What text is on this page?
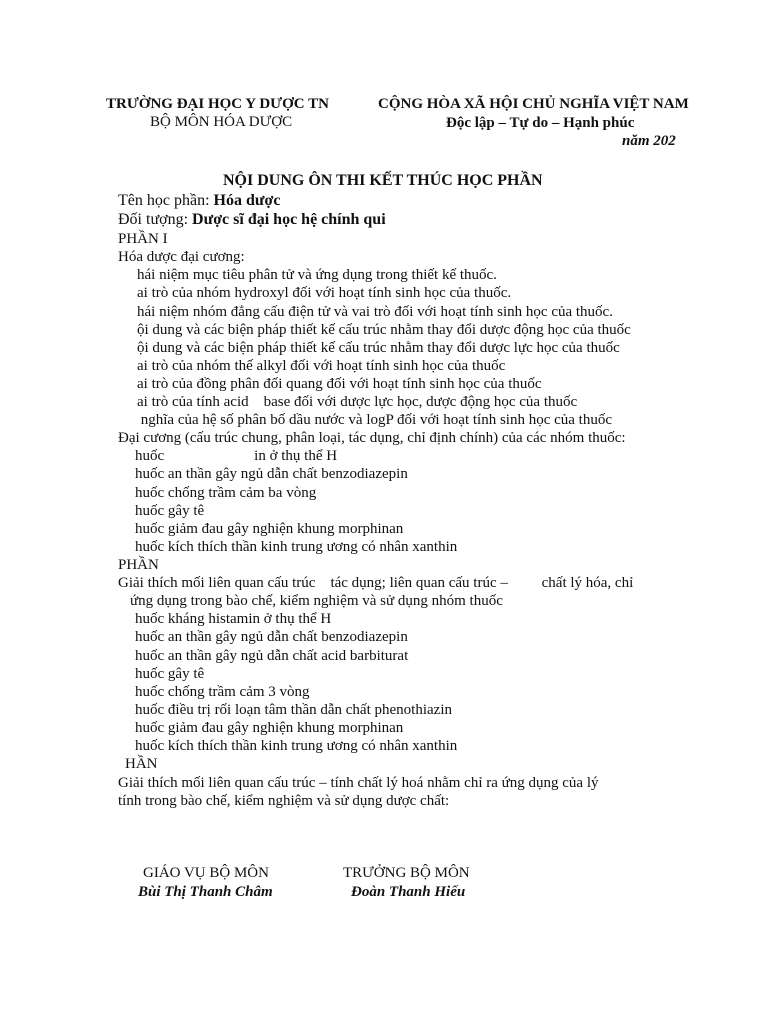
TRƯỜNG ĐẠI HỌC Y DƯỢC TN
BỘ MÔN HÓA DƯỢC
CỘNG HÒA XÃ HỘI CHỦ NGHĨA VIỆT NAM
Độc lập – Tự do – Hạnh phúc
năm 202
NỘI DUNG ÔN THI KẾT THÚC HỌC PHẦN
Tên học phần: Hóa dược
Đối tượng: Dược sĩ đại học hệ chính qui
PHẦN I
Hóa dược đại cương:
hái niệm mục tiêu phân tử và ứng dụng trong thiết kế thuốc.
ai trò của nhóm hydroxyl đối với hoạt tính sinh học của thuốc.
hái niệm nhóm đẳng cấu điện tử và vai trò đối với hoạt tính sinh học của thuốc.
ội dung và các biện pháp thiết kế cấu trúc nhằm thay đổi dược động học của thuốc
ội dung và các biện pháp thiết kế cấu trúc nhằm thay đổi dược lực học của thuốc
ai trò của nhóm thế alkyl đối với hoạt tính sinh học của thuốc
ai trò của đồng phân đối quang đối với hoạt tính sinh học của thuốc
ai trò của tính acid    base đối với dược lực học, dược động học của thuốc
nghĩa của hệ số phân bố dầu nước và logP đối với hoạt tính sinh học của thuốc
Đại cương (cấu trúc chung, phân loại, tác dụng, chỉ định chính) của các nhóm thuốc:
huốc                        in ở thụ thể H
huốc an thần gây ngủ dẫn chất benzodiazepin
huốc chống trầm cảm ba vòng
huốc gây tê
huốc giảm đau gây nghiện khung morphinan
huốc kích thích thần kinh trung ương có nhân xanthin
PHẦN
Giải thích mối liên quan cấu trúc    tác dụng; liên quan cấu trúc –         chất lý hóa, chỉ
ứng dụng trong bào chế, kiểm nghiệm và sử dụng nhóm thuốc
huốc kháng histamin ở thụ thể H
huốc an thần gây ngủ dẫn chất benzodiazepin
huốc an thần gây ngủ dẫn chất acid barbiturat
huốc gây tê
huốc chống trầm cảm 3 vòng
huốc điều trị rối loạn tâm thần dẫn chất phenothiazin
huốc giảm đau gây nghiện khung morphinan
huốc kích thích thần kinh trung ương có nhân xanthin
HẦN
Giải thích mối liên quan cấu trúc – tính chất lý hoá nhằm chỉ ra ứng dụng của lý
tính trong bào chế, kiểm nghiệm và sử dụng dược chất:
GIÁO VỤ BỘ MÔN
Bùi Thị Thanh Châm
TRƯỞNG BỘ MÔN
Đoàn Thanh Hiếu
